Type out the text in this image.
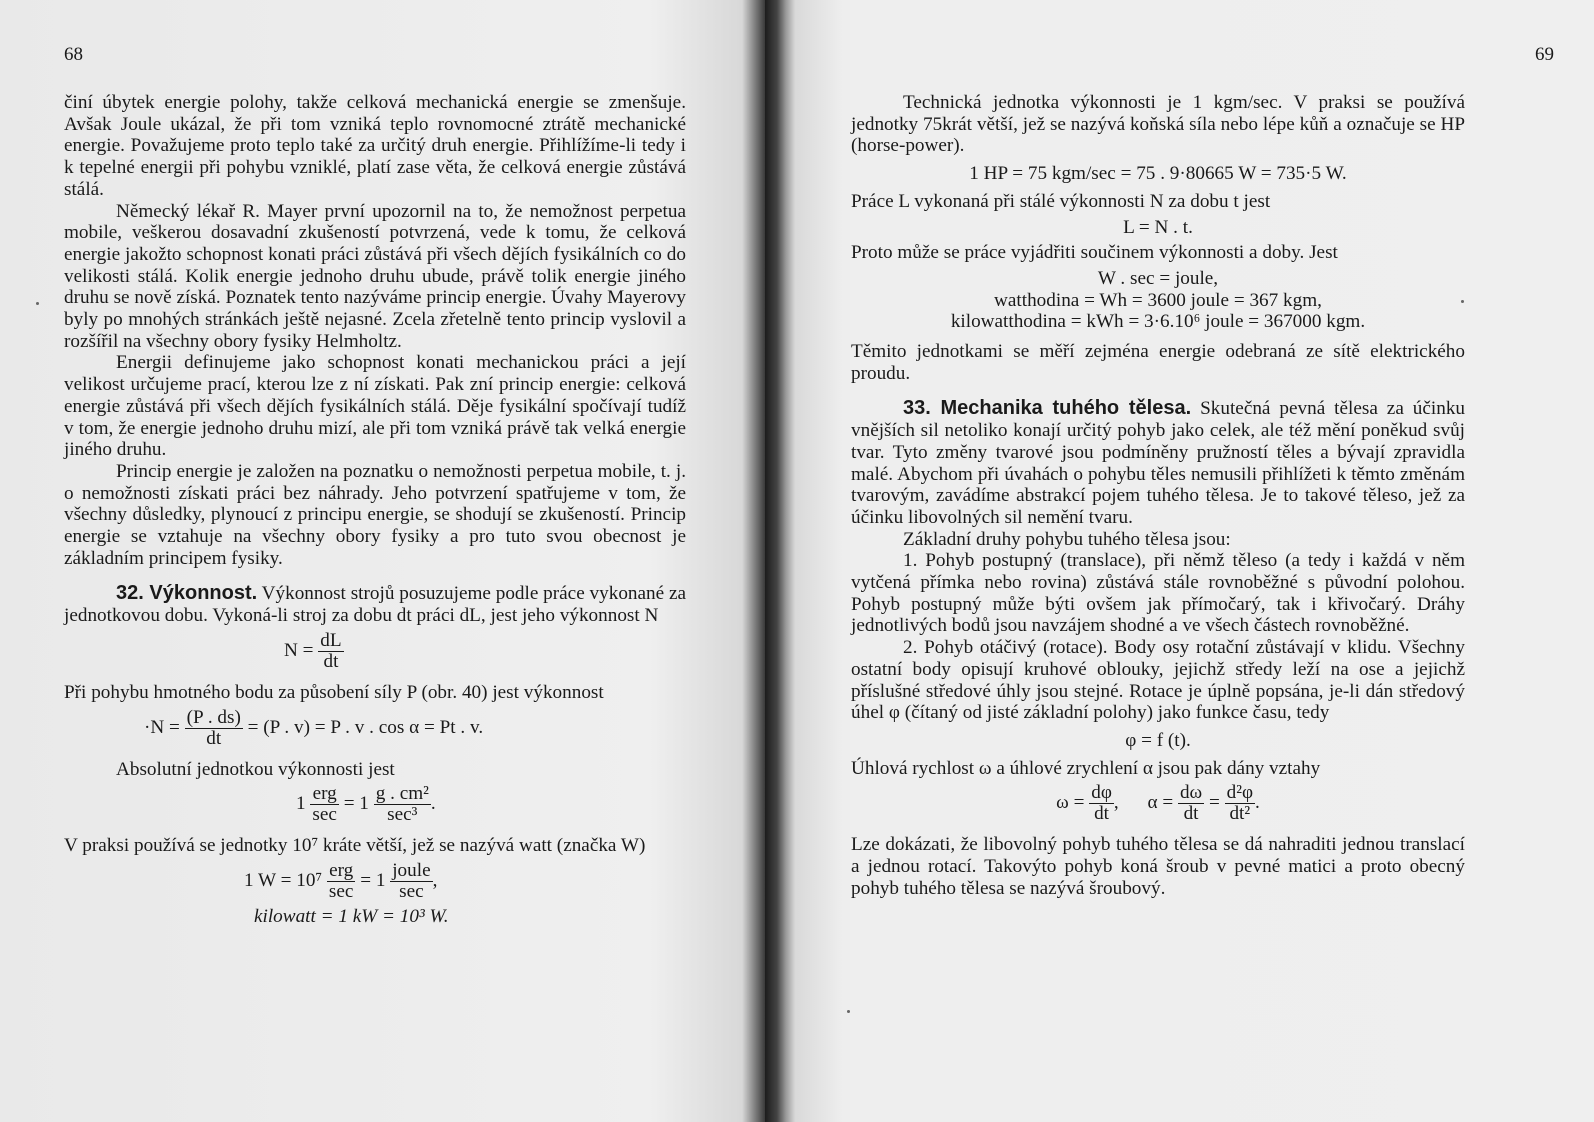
68

činí úbytek energie polohy, takže celková mechanická energie se zmenšuje. Avšak Joule ukázal, že při tom vzniká teplo rovnomocné ztrátě mechanické energie. Považujeme proto teplo také za určitý druh energie. Přihlížíme-li tedy i k tepelné energii při pohybu vzniklé, platí zase věta, že celková energie zůstává stálá.

Německý lékař R. Mayer první upozornil na to, že nemožnost perpetua mobile, veškerou dosavadní zkušeností potvrzená, vede k tomu, že celková energie jakožto schopnost konati práci zůstává při všech dějích fysikálních co do velikosti stálá. Kolik energie jednoho druhu ubude, právě tolik energie jiného druhu se nově získá. Poznatek tento nazýváme princip energie. Úvahy Mayerovy byly po mnohých stránkách ještě nejasné. Zcela zřetelně tento princip vyslovil a rozšířil na všechny obory fysiky Helmholtz.

Energii definujeme jako schopnost konati mechanickou práci a její velikost určujeme prací, kterou lze z ní získati. Pak zní princip energie: celková energie zůstává při všech dějích fysikálních stálá. Děje fysikální spočívají tudíž v tom, že energie jednoho druhu mizí, ale při tom vzniká právě tak velká energie jiného druhu.

Princip energie je založen na poznatku o nemožnosti perpetua mobile, t. j. o nemožnosti získati práci bez náhrady. Jeho potvrzení spatřujeme v tom, že všechny důsledky, plynoucí z principu energie, se shodují se zkušeností. Princip energie se vztahuje na všechny obory fysiky a pro tuto svou obecnost je základním principem fysiky.

32. Výkonnost. Výkonnost strojů posuzujeme podle práce vykonané za jednotkovou dobu. Vykoná-li stroj za dobu dt práci dL, jest jeho výkonnost N

$N = \frac{dL}{dt}$

Při pohybu hmotného bodu za působení síly P (obr. 40) jest výkonnost

$\cdot N = \frac{(P . ds)}{dt} = (P$ . v) = P . v . cos α = Pt . v.

Absolutní jednotkou výkonnosti jest

$1 \frac{\text{erg}}{\sec} = 1 \frac{\text{g . cm²}}{\text{sec³}}$ .

V praksi používá se jednotky 10⁷ kráte větší, jež se nazývá watt (značka W)

1 $W = 10^7 \frac{\text{erg}}{\sec} = 1 \frac{\text{joule}}{\sec}$ ,
kilowatt = 1 kW = 10³ W.
69

Technická jednotka výkonnosti je 1 kgm/sec. V praksi se používá jednotky 75krát větší, jež se nazývá koňská síla nebo lépe kůň a označuje se HP (horse-power).

1 HP = 75 kgm/sec = 75 . 9·80665 W = 735·5 W.

Práce L vykonaná při stálé výkonnosti N za dobu t jest

L = N . t.

Proto může se práce vyjádřiti součinem výkonnosti a doby. Jest

W . sec = joule,
watthodina = Wh = 3600 joule = 367 kgm,
kilowatthodina = kWh = 3·6.10⁶ joule = 367000 kgm.

Těmito jednotkami se měří zejména energie odebraná ze sítě elektrického proudu.

33. Mechanika tuhého tělesa. Skutečná pevná tělesa za účinku vnějších sil netoliko konají určitý pohyb jako celek, ale též mění poněkud svůj tvar. Tyto změny tvarové jsou podmíněny pružností těles a bývají zpravidla malé. Abychom při úvahách o pohybu těles nemusili přihlížeti k těmto změnám tvarovým, zavádíme abstrakcí pojem tuhého tělesa. Je to takové těleso, jež za účinku libovolných sil nemění tvaru.

Základní druhy pohybu tuhého tělesa jsou:

1. Pohyb postupný (translace), při němž těleso (a tedy i každá v něm vytčená přímka nebo rovina) zůstává stále rovnoběžné s původní polohou. Pohyb postupný může býti ovšem jak přímočarý, tak i křivočarý. Dráhy jednotlivých bodů jsou navzájem shodné a ve všech částech rovnoběžné.

2. Pohyb otáčivý (rotace). Body osy rotační zůstávají v klidu. Všechny ostatní body opisují kruhové oblouky, jejichž středy leží na ose a jejichž příslušné středové úhly jsou stejné. Rotace je úplně popsána, je-li dán středový úhel φ (čítaný od jisté základní polohy) jako funkce času, tedy

φ = f (t).

Úhlová rychlost ω a úhlové zrychlení α jsou pak dány vztahy

$\omega = \frac{d\varphi}{dt}$ ,      $\alpha = \frac{d\omega}{dt} = \frac{\text{d²φ}}{\text{dt²}}$ .

Lze dokázati, že libovolný pohyb tuhého tělesa se dá nahraditi jednou translací a jednou rotací. Takovýto pohyb koná šroub v pevné matici a proto obecný pohyb tuhého tělesa se nazývá šroubový.
